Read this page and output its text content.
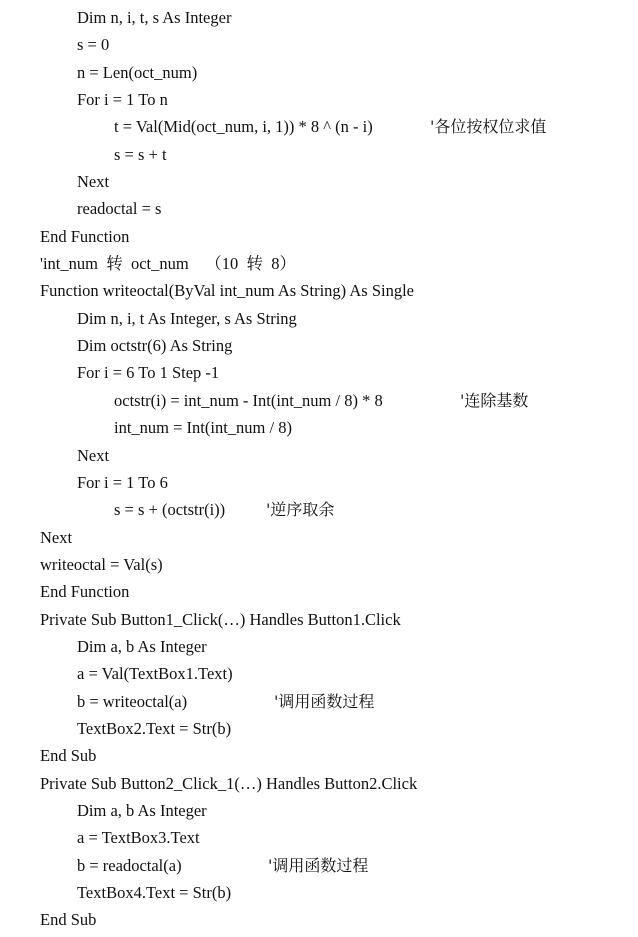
Dim n, i, t, s As Integer
s = 0
n = Len(oct_num)
For i = 1 To n
t = Val(Mid(oct_num, i, 1)) * 8 ^ (n - i)	'各位按权位求值
s = s + t
Next
readoctal = s
End Function
'int_num  转  oct_num    （10  转  8）
Function writeoctal(ByVal int_num As String) As Single
Dim n, i, t As Integer, s As String
Dim octstr(6) As String
For i = 6 To 1 Step -1
octstr(i) = int_num - Int(int_num / 8) * 8	'连除基数
int_num = Int(int_num / 8)
Next
For i = 1 To 6
s = s + (octstr(i))	'逆序取余
Next
writeoctal = Val(s)
End Function
Private Sub Button1_Click(…) Handles Button1.Click
Dim a, b As Integer
a = Val(TextBox1.Text)
b = writeoctal(a)	'调用函数过程
TextBox2.Text = Str(b)
End Sub
Private Sub Button2_Click_1(…) Handles Button2.Click
Dim a, b As Integer
a = TextBox3.Text
b = readoctal(a)	'调用函数过程
TextBox4.Text = Str(b)
End Sub
